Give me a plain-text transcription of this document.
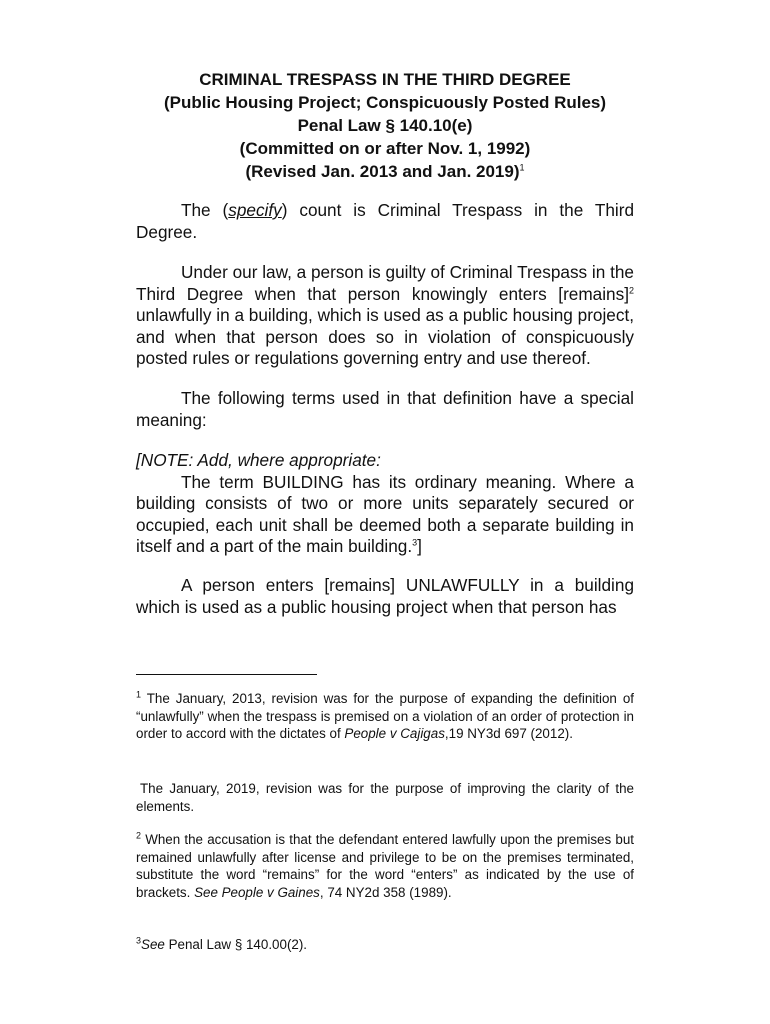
CRIMINAL TRESPASS IN THE THIRD DEGREE
(Public Housing Project; Conspicuously Posted Rules)
Penal Law § 140.10(e)
(Committed on or after Nov. 1, 1992)
(Revised Jan. 2013 and Jan. 2019)$^1$

The (specify) count is Criminal Trespass in the Third Degree.

Under our law, a person is guilty of Criminal Trespass in the Third Degree when that person knowingly enters [remains]$^2$ unlawfully in a building, which is used as a public housing project, and when that person does so in violation of conspicuously posted rules or regulations governing entry and use thereof.

The following terms used in that definition have a special meaning:

[NOTE: Add, where appropriate:

The term BUILDING has its ordinary meaning. Where a building consists of two or more units separately secured or occupied, each unit shall be deemed both a separate building in itself and a part of the main building.$^3$]

A person enters [remains] UNLAWFULLY in a building which is used as a public housing project when that person has

$^1$ The January, 2013, revision was for the purpose of expanding the definition of “unlawfully” when the trespass is premised on a violation of an order of protection in order to accord with the dictates of People v Cajigas,19 NY3d 697 (2012).

The January, 2019, revision was for the purpose of improving the clarity of the elements.

$^2$ When the accusation is that the defendant entered lawfully upon the premises but remained unlawfully after license and privilege to be on the premises terminated, substitute the word “remains” for the word “enters” as indicated by the use of brackets. See People v Gaines, 74 NY2d 358 (1989).

$^3$See Penal Law § 140.00(2).
